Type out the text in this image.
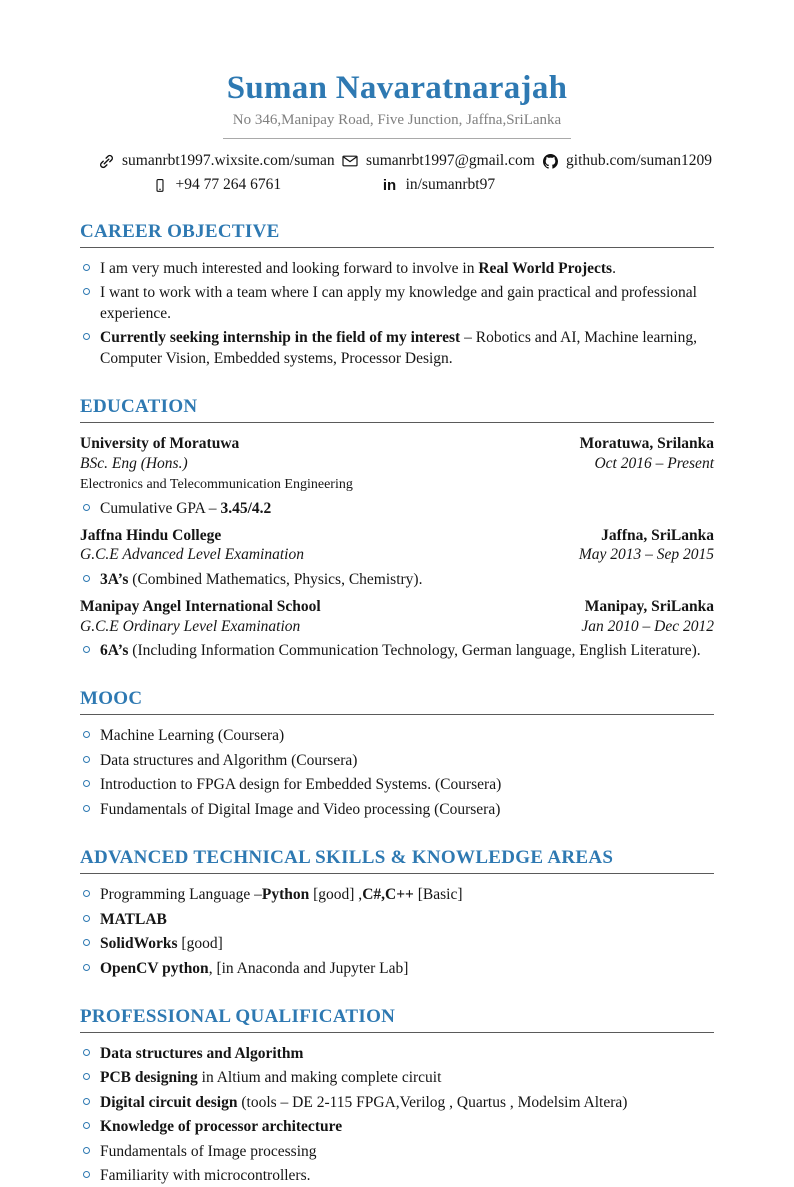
Suman Navaratnarajah
No 346,Manipay Road, Five Junction, Jaffna,SriLanka
sumanrbt1997.wixsite.com/suman sumanrbt1997@gmail.com github.com/suman1209
+94 77 264 6761	in in/sumanrbt97
CAREER OBJECTIVE
I am very much interested and looking forward to involve in Real World Projects.
I want to work with a team where I can apply my knowledge and gain practical and professional experience.
Currently seeking internship in the field of my interest – Robotics and AI, Machine learning, Computer Vision, Embedded systems, Processor Design.
EDUCATION
University of Moratuwa	Moratuwa, Srilanka
BSc. Eng (Hons.)	Oct 2016 – Present
Electronics and Telecommunication Engineering
Cumulative GPA – 3.45/4.2
Jaffna Hindu College	Jaffna, SriLanka
G.C.E Advanced Level Examination	May 2013 – Sep 2015
3A’s (Combined Mathematics, Physics, Chemistry).
Manipay Angel International School	Manipay, SriLanka
G.C.E Ordinary Level Examination	Jan 2010 – Dec 2012
6A’s (Including Information Communication Technology, German language, English Literature).
MOOC
Machine Learning (Coursera)
Data structures and Algorithm (Coursera)
Introduction to FPGA design for Embedded Systems. (Coursera)
Fundamentals of Digital Image and Video processing (Coursera)
ADVANCED TECHNICAL SKILLS & KNOWLEDGE AREAS
Programming Language –Python [good] ,C#,C++ [Basic]
MATLAB
SolidWorks [good]
OpenCV python, [in Anaconda and Jupyter Lab]
PROFESSIONAL QUALIFICATION
Data structures and Algorithm
PCB designing in Altium and making complete circuit
Digital circuit design (tools – DE 2-115 FPGA,Verilog , Quartus , Modelsim Altera)
Knowledge of processor architecture
Fundamentals of Image processing
Familiarity with microcontrollers.
